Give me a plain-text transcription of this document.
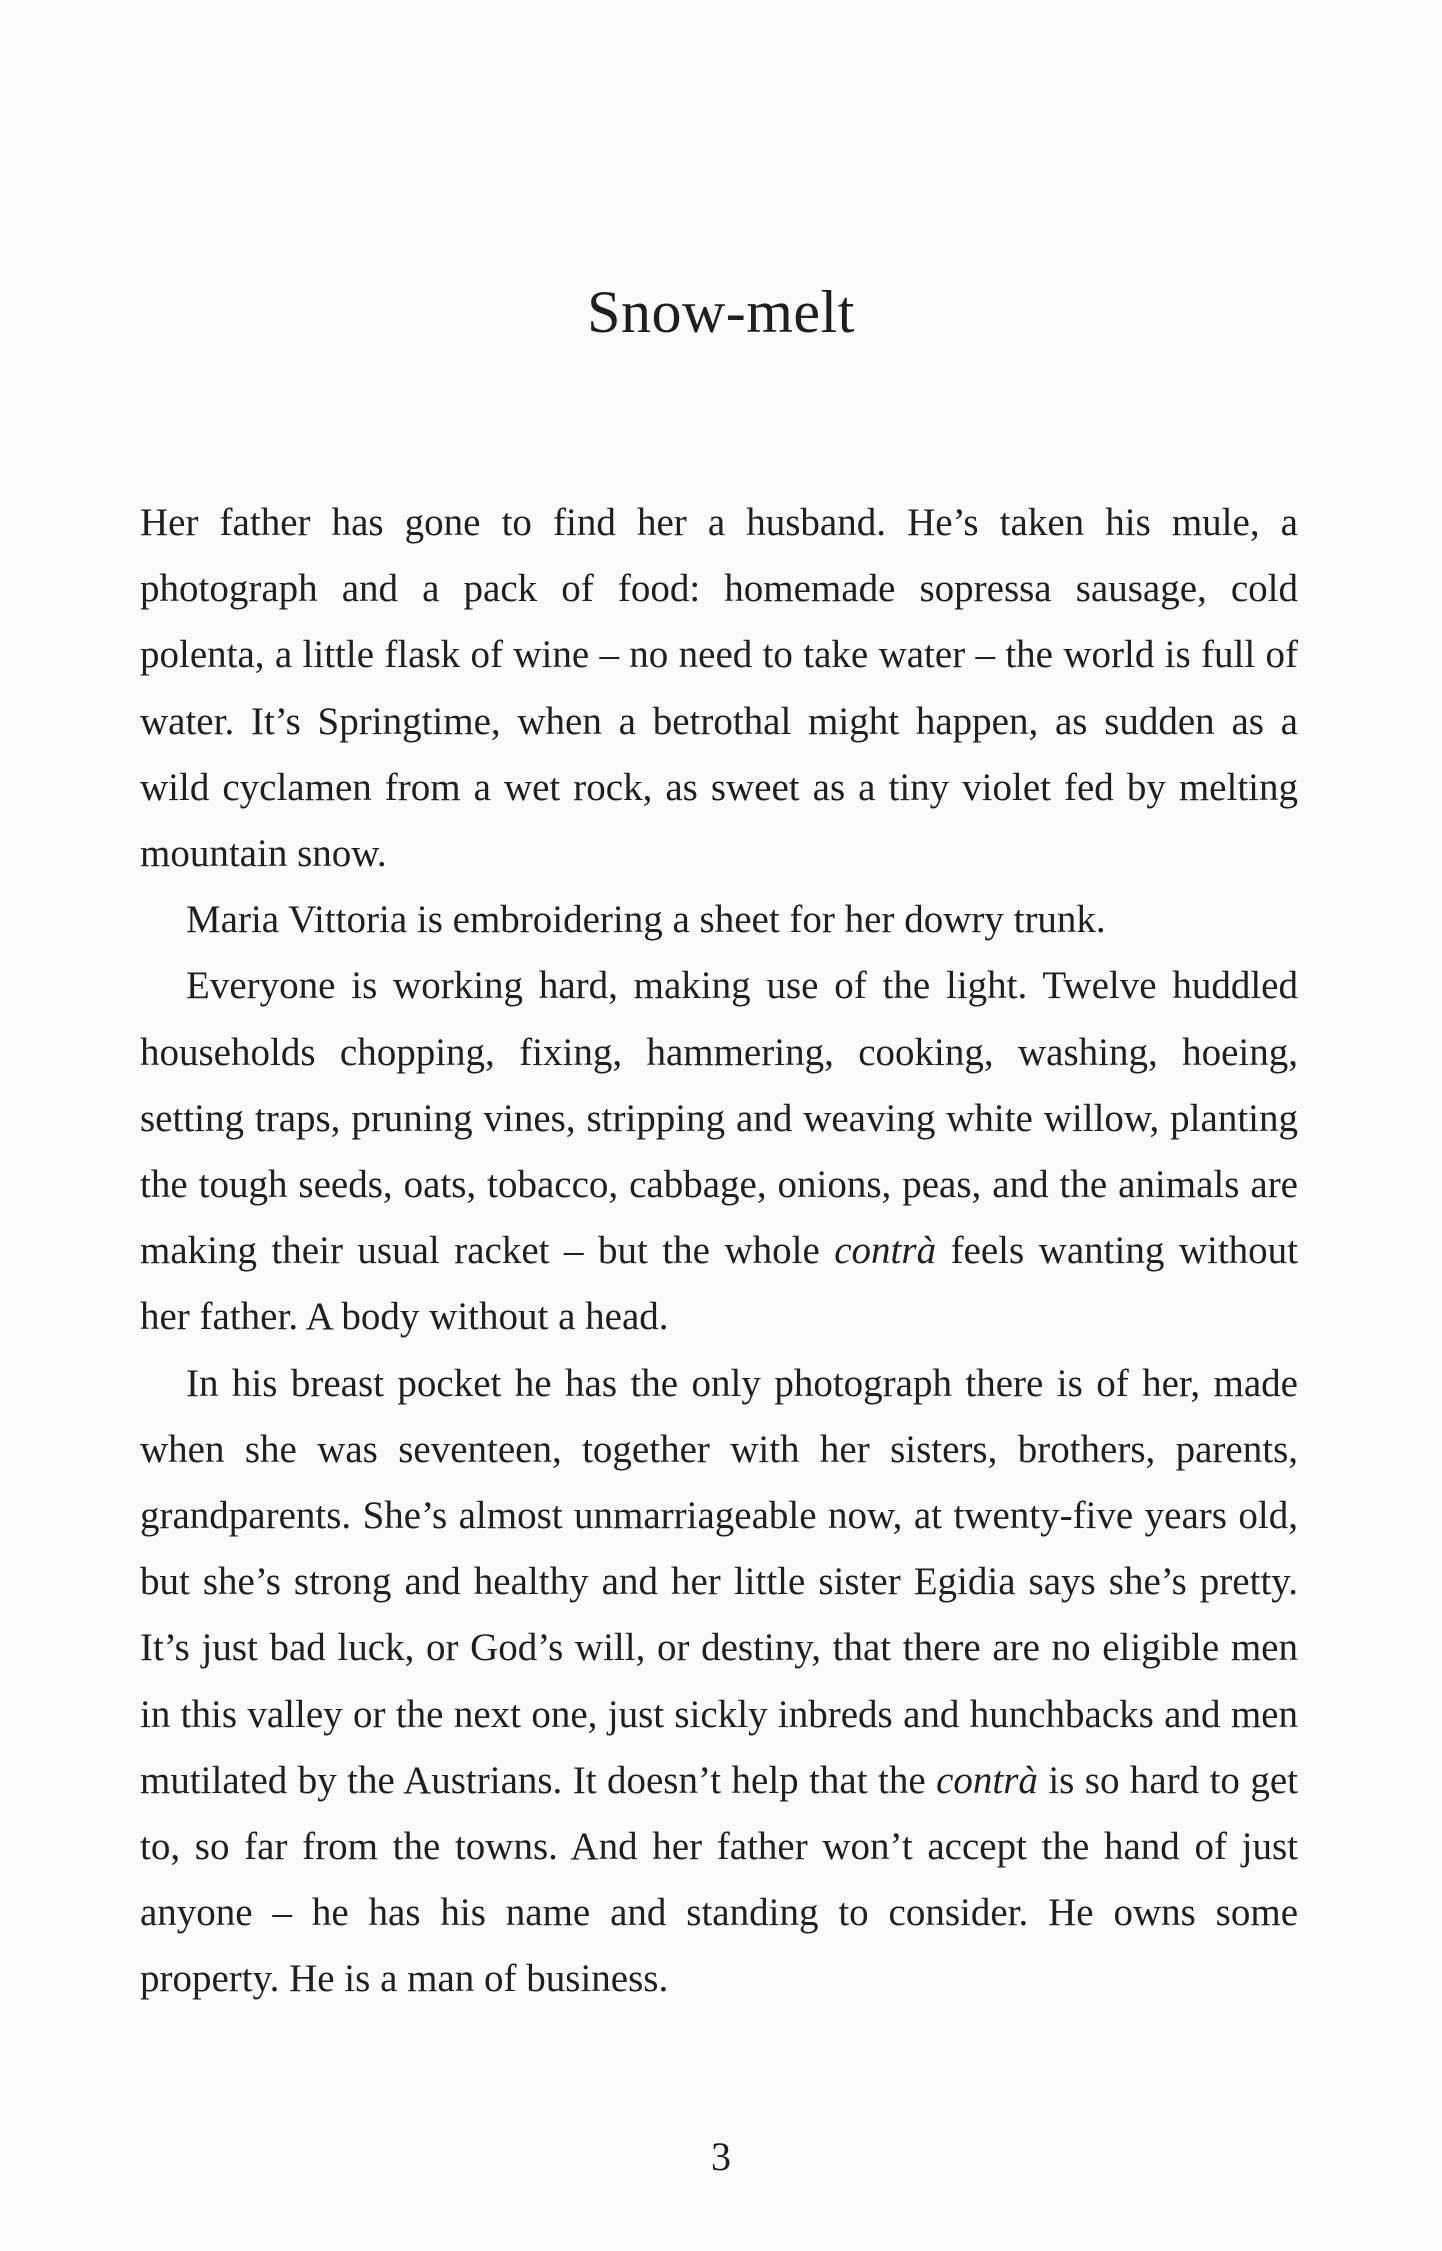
Snow-melt

Her father has gone to find her a husband. He’s taken his mule, a photograph and a pack of food: homemade sopressa sausage, cold polenta, a little flask of wine – no need to take water – the world is full of water. It’s Springtime, when a betrothal might happen, as sudden as a wild cyclamen from a wet rock, as sweet as a tiny violet fed by melting mountain snow.

Maria Vittoria is embroidering a sheet for her dowry trunk.

Everyone is working hard, making use of the light. Twelve huddled households chopping, fixing, hammering, cooking, washing, hoeing, setting traps, pruning vines, stripping and weaving white willow, planting the tough seeds, oats, tobacco, cabbage, onions, peas, and the animals are making their usual racket – but the whole contrà feels wanting without her father. A body without a head.

In his breast pocket he has the only photograph there is of her, made when she was seventeen, together with her sisters, brothers, parents, grandparents. She’s almost unmarriageable now, at twenty-five years old, but she’s strong and healthy and her little sister Egidia says she’s pretty. It’s just bad luck, or God’s will, or destiny, that there are no eligible men in this valley or the next one, just sickly inbreds and hunchbacks and men mutilated by the Austrians. It doesn’t help that the contrà is so hard to get to, so far from the towns. And her father won’t accept the hand of just anyone – he has his name and standing to consider. He owns some property. He is a man of business.

3
